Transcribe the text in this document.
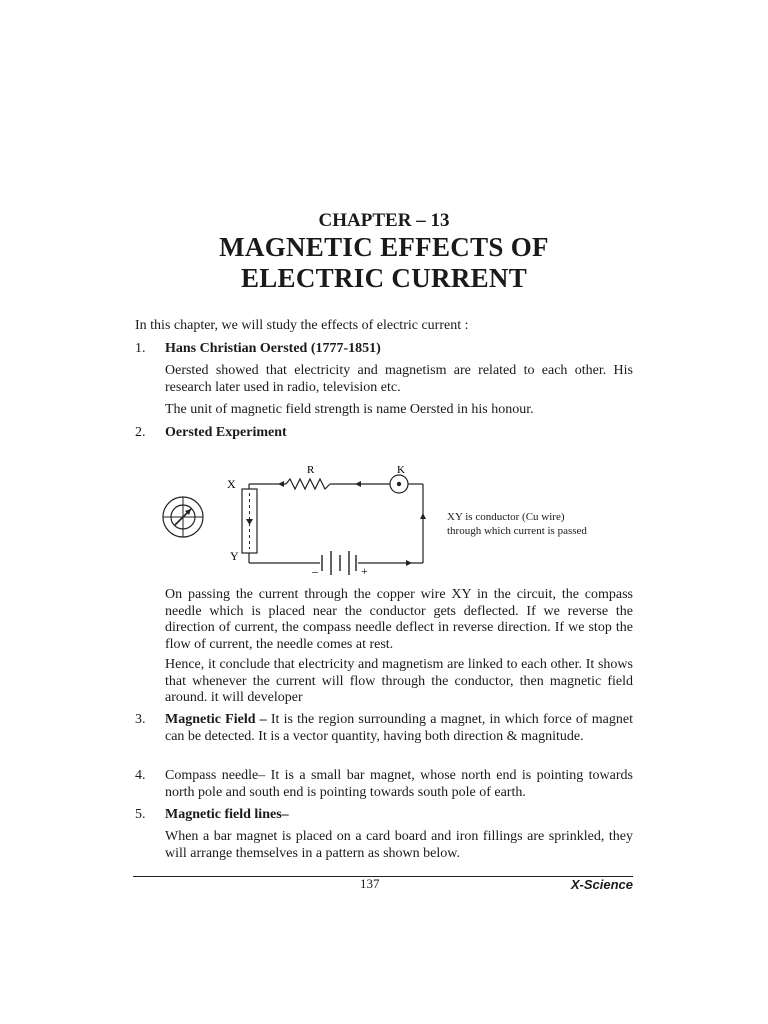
CHAPTER – 13
MAGNETIC EFFECTS OF
ELECTRIC CURRENT
In this chapter, we will study the effects of electric current :
1. Hans Christian Oersted (1777-1851)
Oersted showed that electricity and magnetism are related to each other. His research later used in radio, television etc.
The unit of magnetic field strength is name Oersted in his honour.
2. Oersted Experiment
X
Y
R	K
–	+
XY is conductor (Cu wire)
through which current is passed
On passing the current through the copper wire XY in the circuit, the compass needle which is placed near the conductor gets deflected. If we reverse the direction of current, the compass needle deflect in reverse direction. If we stop the flow of current, the needle comes at rest.
Hence, it conclude that electricity and magnetism are linked to each other. It shows that whenever the current will flow through the conductor, then magnetic field around. it will developer
3. Magnetic Field – It is the region surrounding a magnet, in which force of magnet can be detected. It is a vector quantity, having both direction & magnitude.
4. Compass needle– It is a small bar magnet, whose north end is pointing towards north pole and south end is pointing towards south pole of earth.
5. Magnetic field lines–
When a bar magnet is placed on a card board and iron fillings are sprinkled, they will arrange themselves in a pattern as shown below.
137	X-Science
